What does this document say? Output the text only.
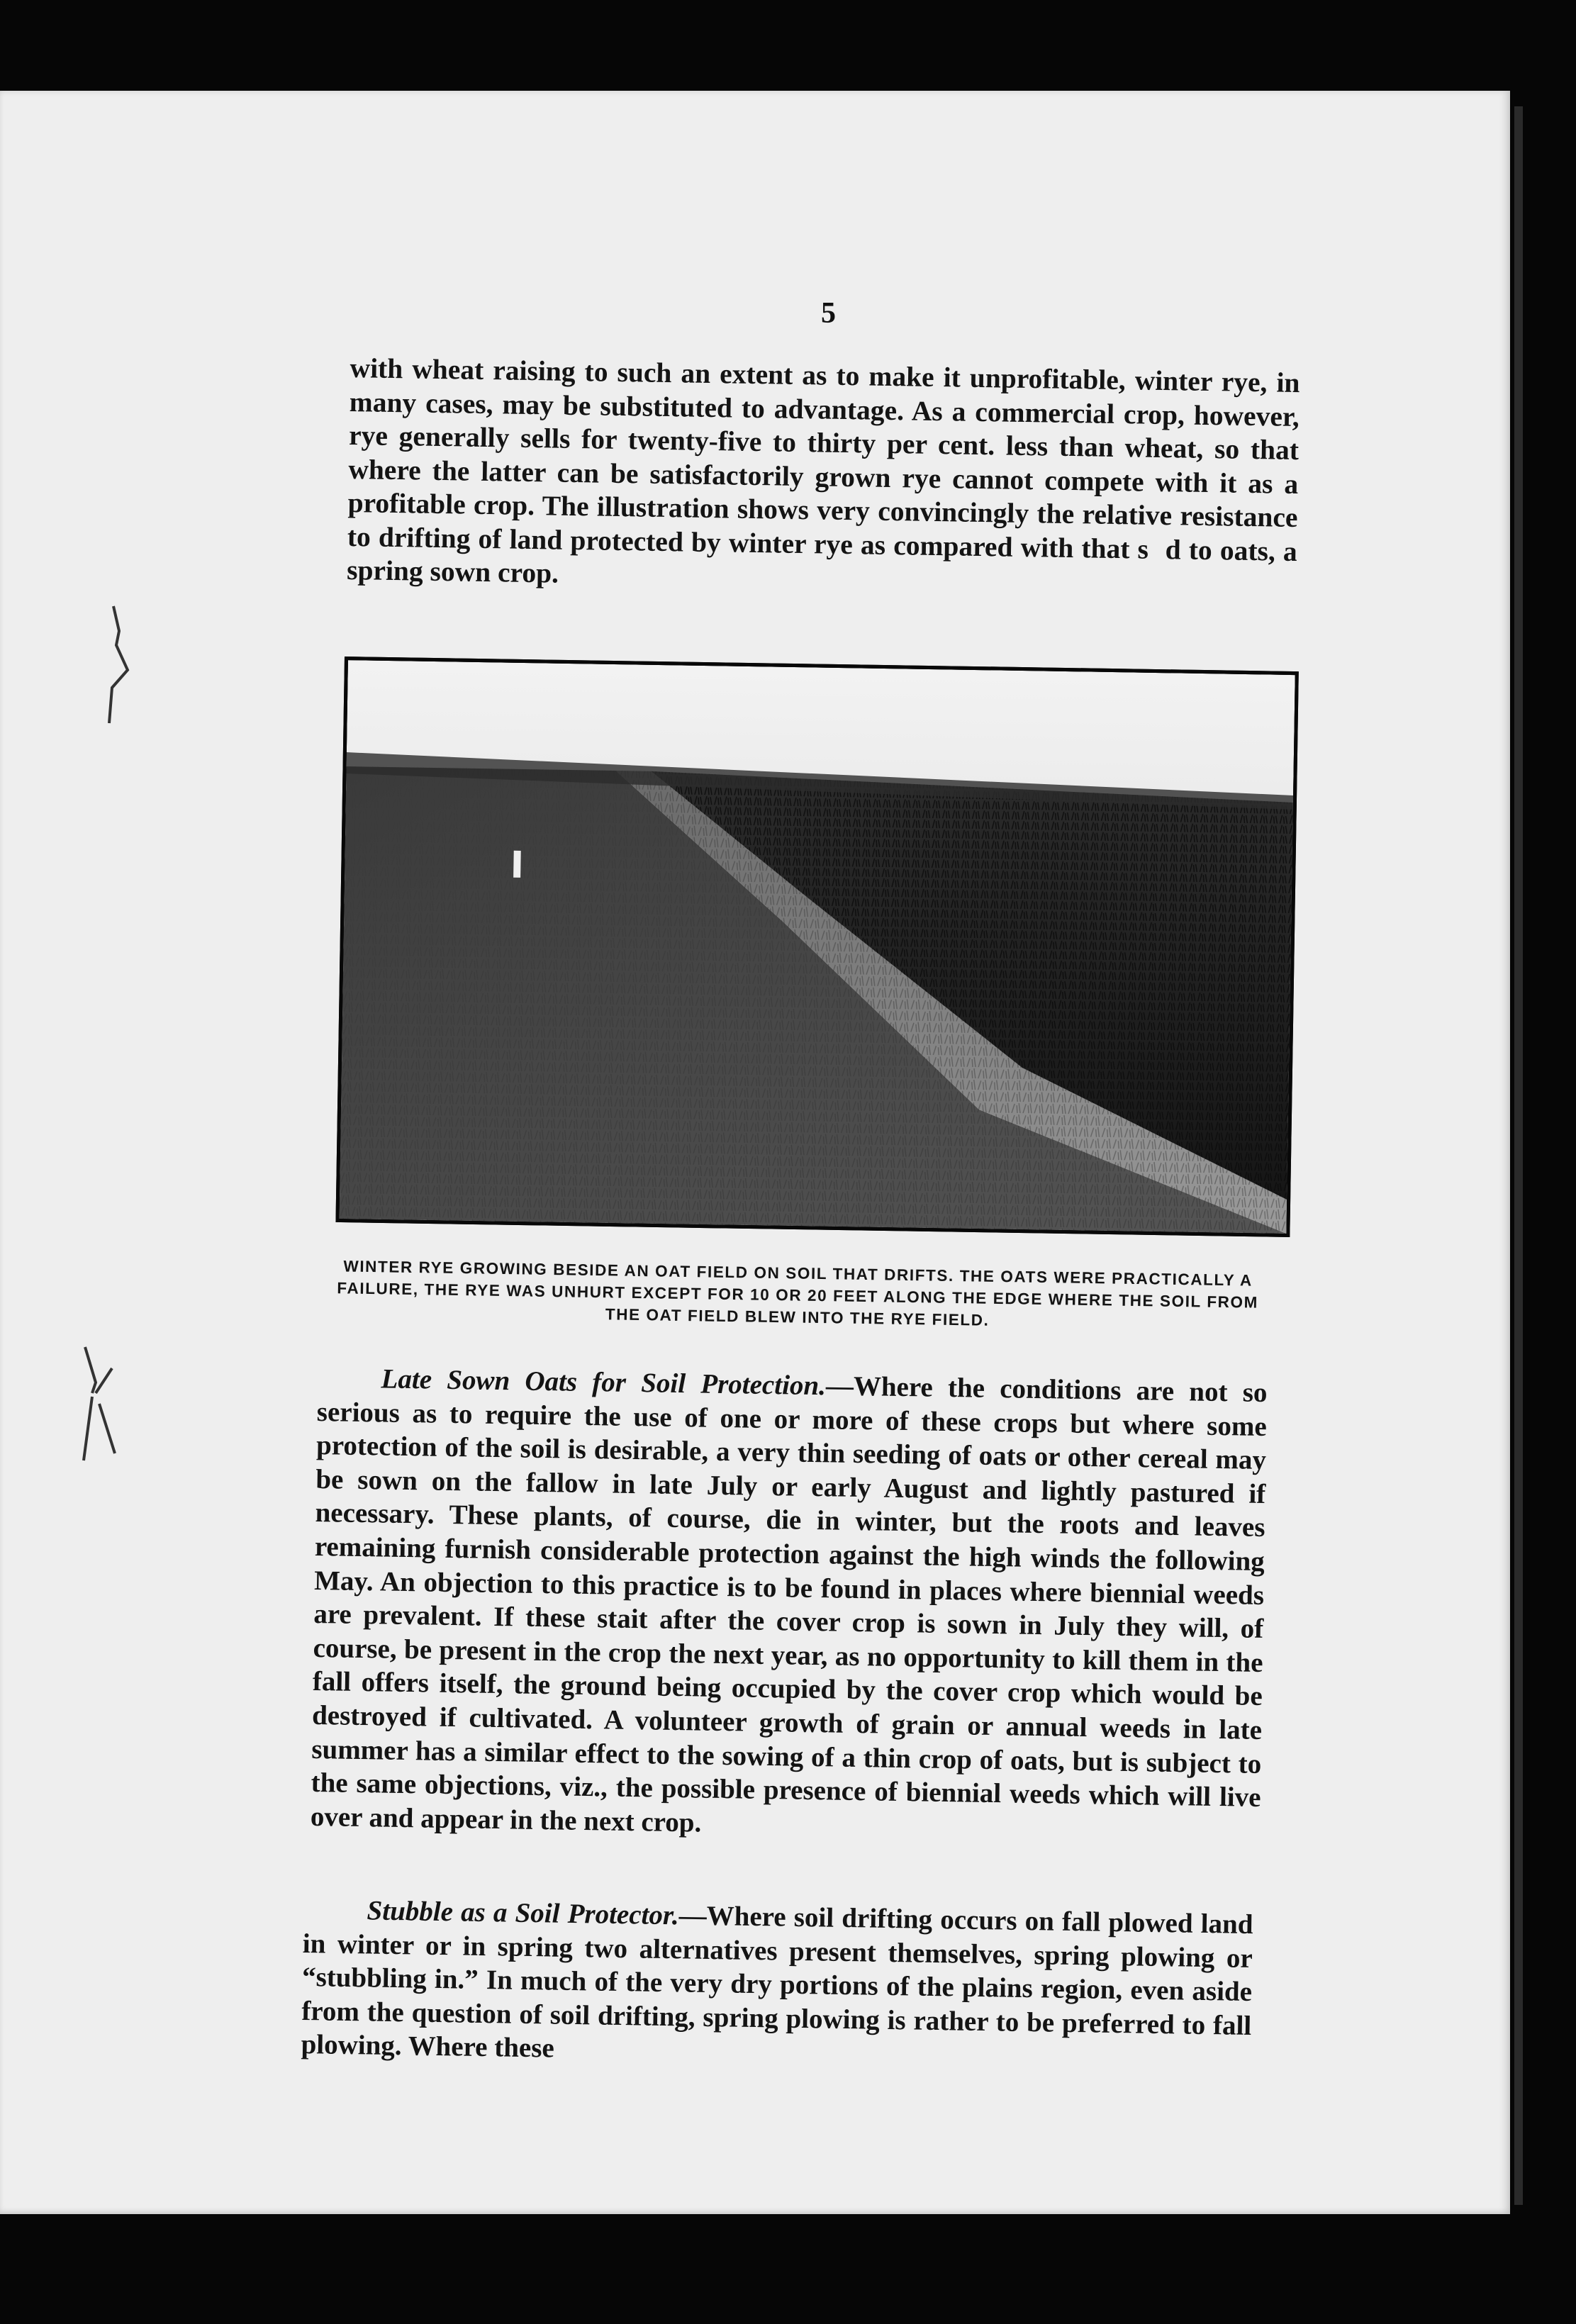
5

with wheat raising to such an extent as to make it unprofitable, winter rye, in many cases, may be substituted to advantage. As a commercial crop, however, rye generally sells for twenty-five to thirty per cent. less than wheat, so that where the latter can be satisfactorily grown rye cannot compete with it as a profitable crop. The illustration shows very convincingly the relative resistance to drifting of land protected by winter rye as compared with that s   d to oats, a spring sown crop.

WINTER RYE GROWING BESIDE AN OAT FIELD ON SOIL THAT DRIFTS. THE OATS WERE PRACTICALLY A FAILURE, THE RYE WAS UNHURT EXCEPT FOR 10 OR 20 FEET ALONG THE EDGE WHERE THE SOIL FROM THE OAT FIELD BLEW INTO THE RYE FIELD.

Late Sown Oats for Soil Protection.—Where the conditions are not so serious as to require the use of one or more of these crops but where some protection of the soil is desirable, a very thin seeding of oats or other cereal may be sown on the fallow in late July or early August and lightly pastured if necessary. These plants, of course, die in winter, but the roots and leaves remaining furnish considerable protection against the high winds the following May. An objection to this practice is to be found in places where biennial weeds are prevalent. If these stait after the cover crop is sown in July they will, of course, be present in the crop the next year, as no opportunity to kill them in the fall offers itself, the ground being occupied by the cover crop which would be destroyed if cultivated. A volunteer growth of grain or annual weeds in late summer has a similar effect to the sowing of a thin crop of oats, but is subject to the same objections, viz., the possible presence of biennial weeds which will live over and appear in the next crop.

Stubble as a Soil Protector.—Where soil drifting occurs on fall plowed land in winter or in spring two alternatives present themselves, spring plowing or “stubbling in.” In much of the very dry portions of the plains region, even aside from the question of soil drifting, spring plowing is rather to be preferred to fall plowing. Where these
